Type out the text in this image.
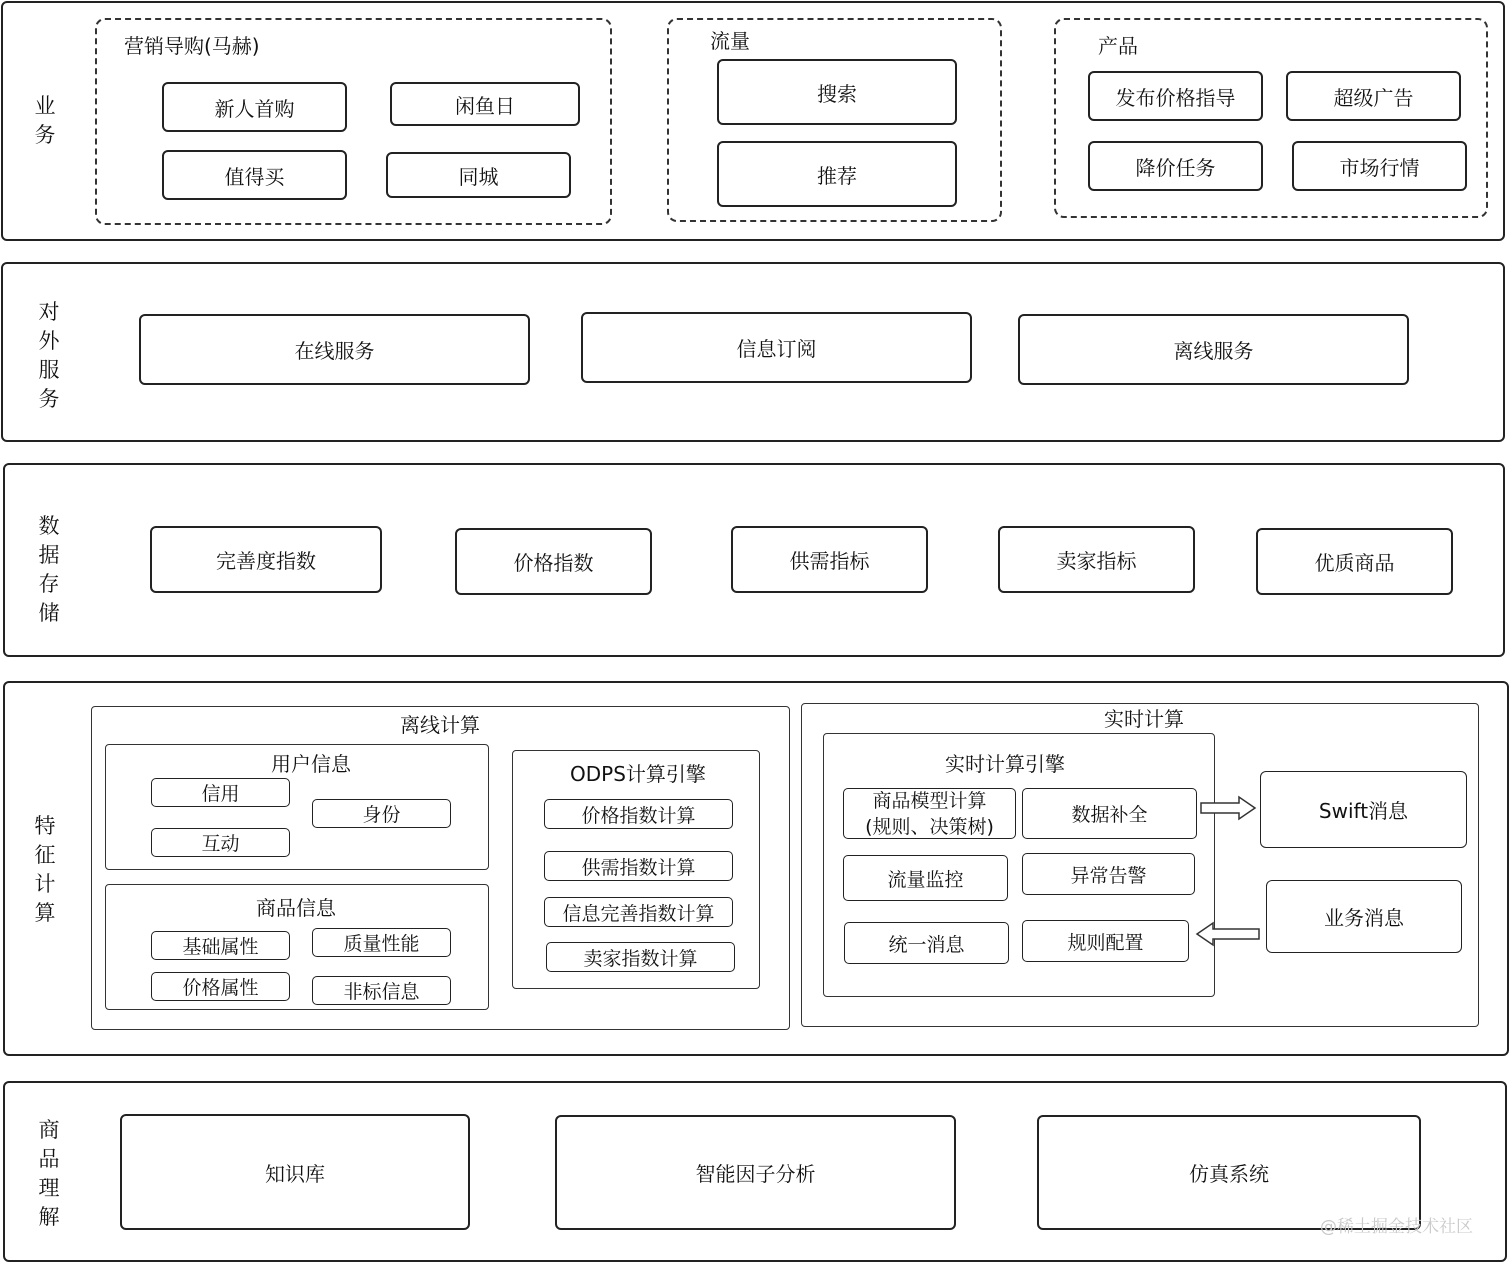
业
务
营销导购(马赫)
新人首购	闲鱼日
值得买	同城
流量
搜索
推荐
产品
发布价格指导	超级广告
降价任务	市场行情
对
外
服
务
在线服务	信息订阅	离线服务
数
据
存
储
完善度指数	价格指数	供需指标	卖家指标	优质商品
特
征
计
算
离线计算
用户信息
信用
身份
互动
商品信息
基础属性	质量性能
价格属性	非标信息
ODPS计算引擎
价格指数计算
供需指数计算
信息完善指数计算
卖家指数计算
实时计算
实时计算引擎
商品模型计算
(规则、决策树)
数据补全
流量监控	异常告警
统一消息	规则配置
Swift消息
业务消息
商
品
理
解
知识库	智能因子分析	仿真系统
@稀土掘金技术社区
